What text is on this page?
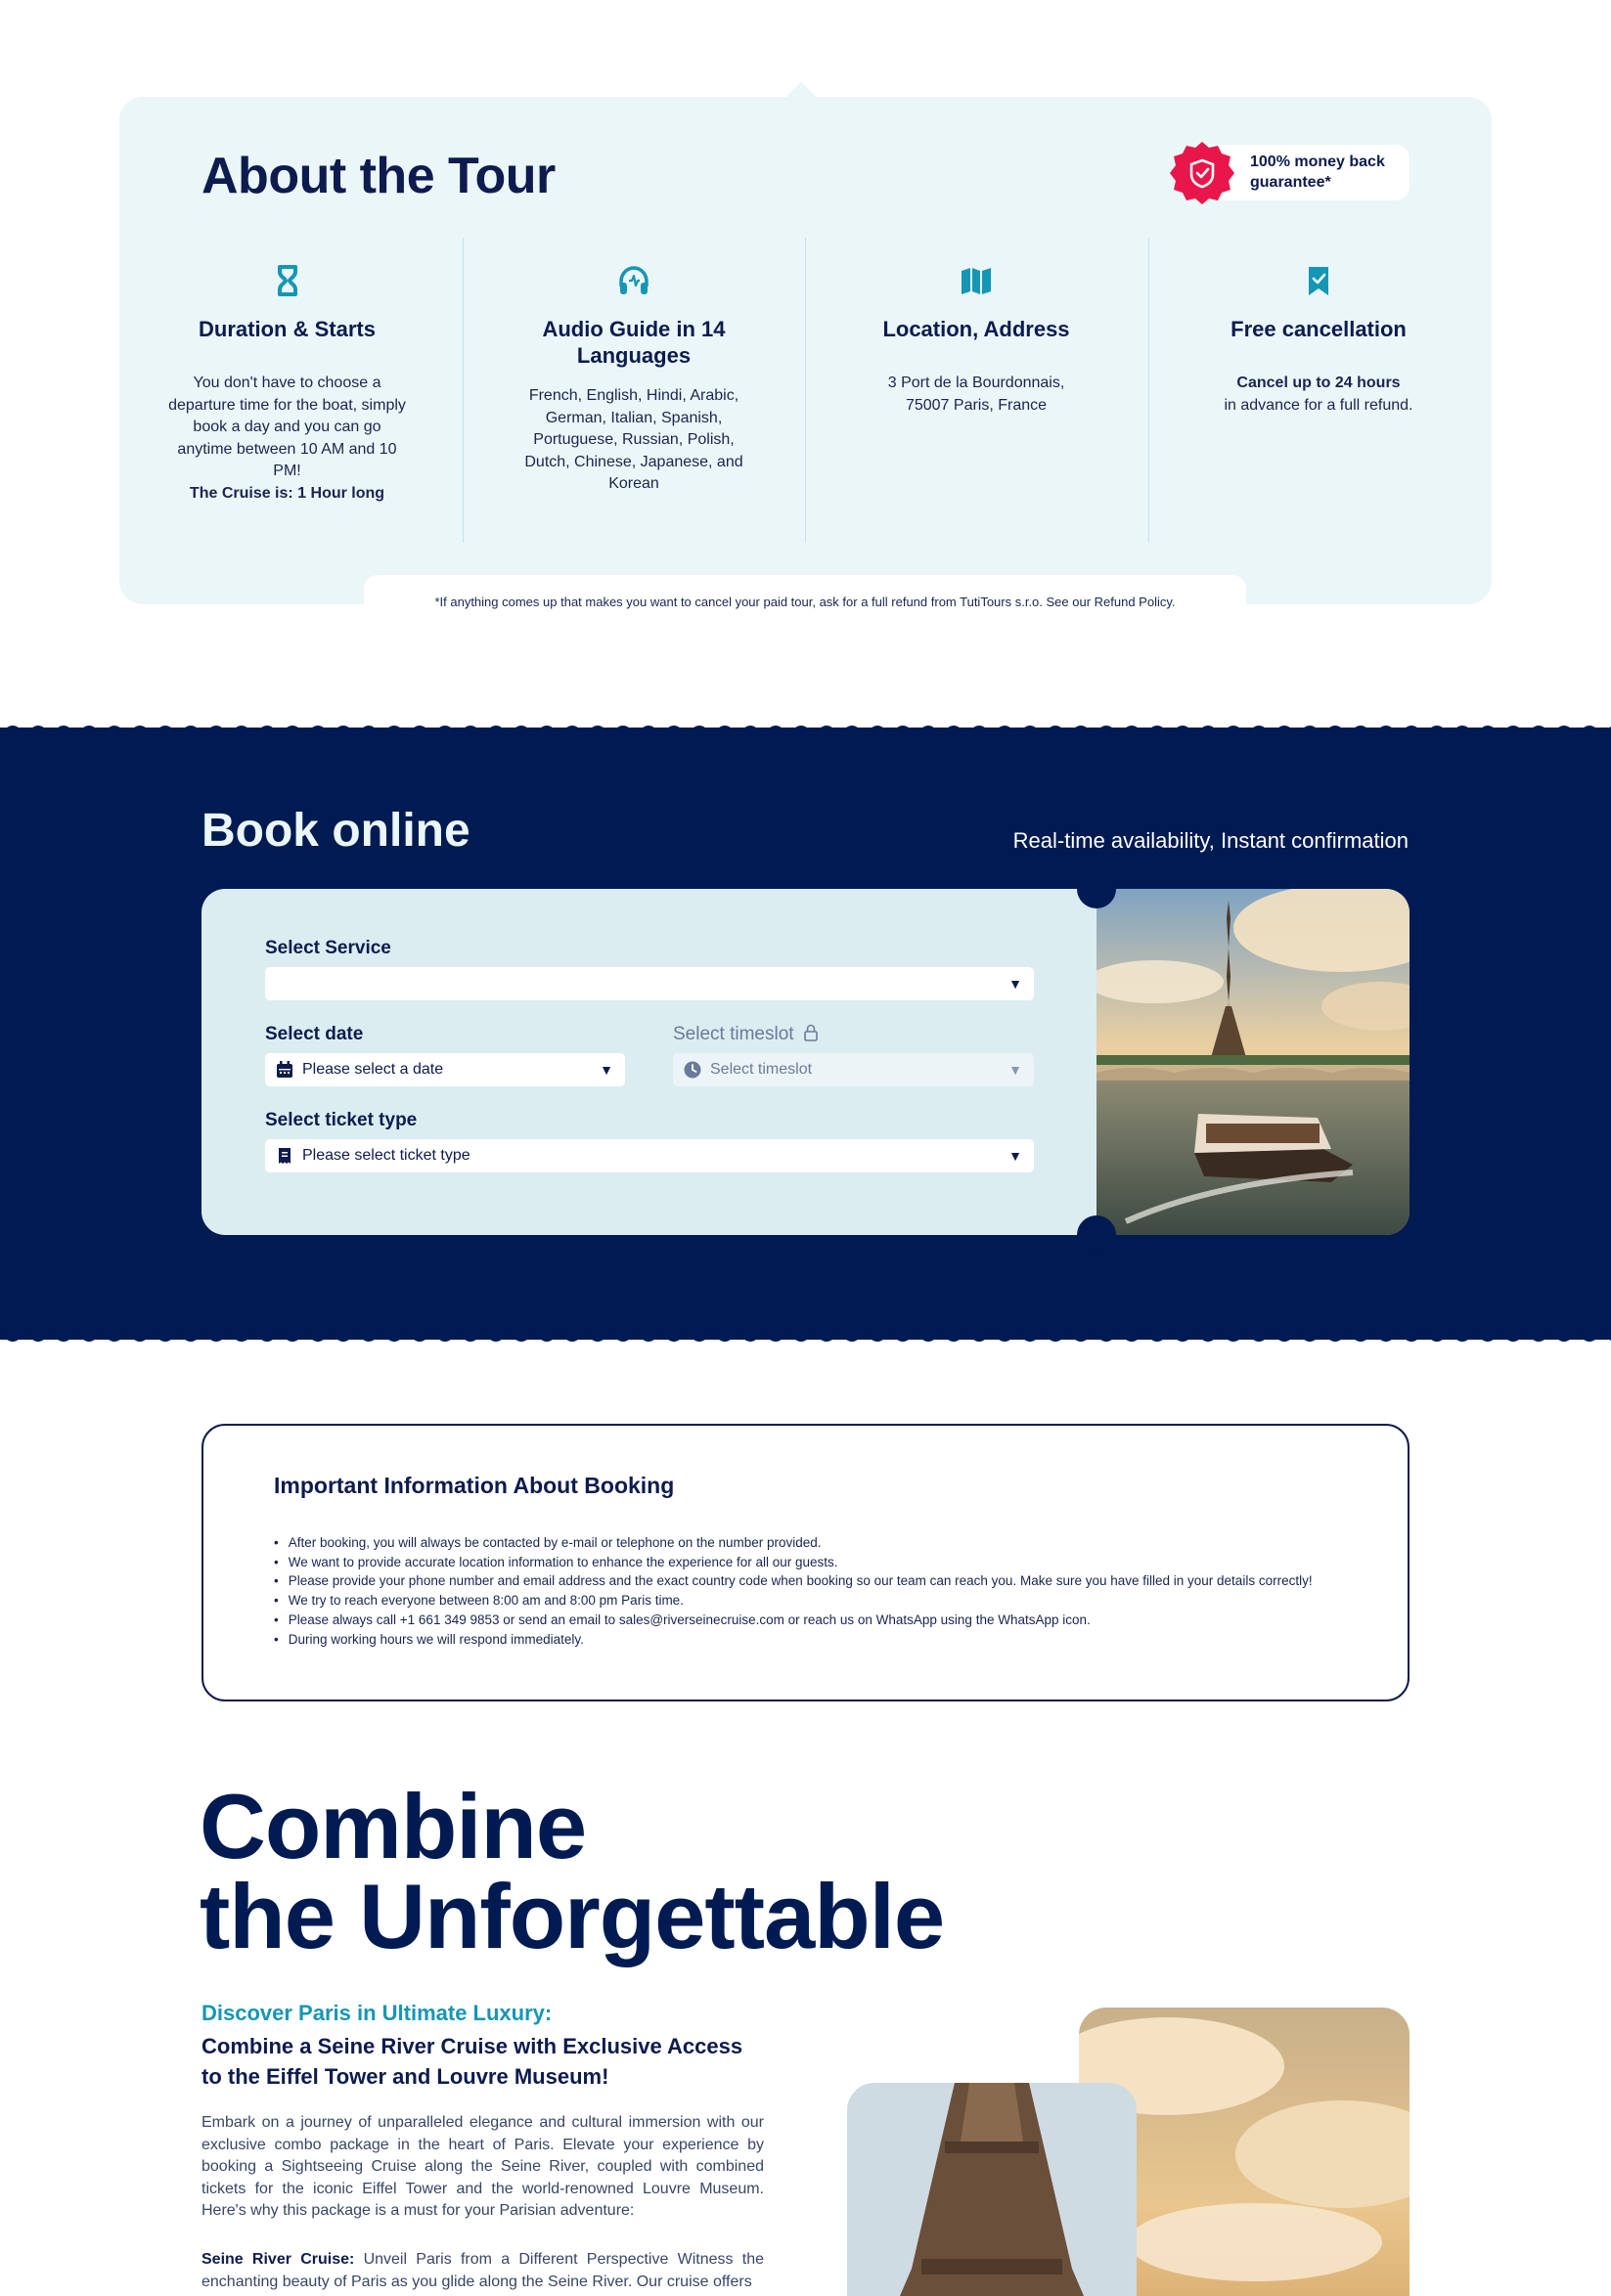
About the Tour	100% money back guarantee*
Duration & Starts

You don't have to choose a departure time for the boat, simply book a day and you can go anytime between 10 AM and 10 PM!

The Cruise is: 1 Hour long

Audio Guide in 14 Languages

French, English, Hindi, Arabic, German, Italian, Spanish, Portuguese, Russian, Polish, Dutch, Chinese, Japanese, and Korean

Location, Address

3 Port de la Bourdonnais,

75007 Paris, France

Free cancellation

Cancel up to 24 hours

in advance for a full refund.

*If anything comes up that makes you want to cancel your paid tour, ask for a full refund from TutiTours s.r.o. See our Refund Policy.
Book online	Real-time availability, Instant confirmation
Select Service
▼
Select date
Please select a date	▼
Select timeslot
Select timeslot	▼
Select ticket type
Please select ticket type	▼
Important Information About Booking
• After booking, you will always be contacted by e-mail or telephone on the number provided.
• We want to provide accurate location information to enhance the experience for all our guests.
• Please provide your phone number and email address and the exact country code when booking so our team can reach you. Make sure you have filled in your details correctly!
• We try to reach everyone between 8:00 am and 8:00 pm Paris time.
• Please always call +1 661 349 9853 or send an email to sales@riverseinecruise.com or reach us on WhatsApp using the WhatsApp icon.
• During working hours we will respond immediately.
Combine
the Unforgettable
Discover Paris in Ultimate Luxury:
Combine a Seine River Cruise with Exclusive Access to the Eiffel Tower and Louvre Museum!

Embark on a journey of unparalleled elegance and cultural immersion with our exclusive combo package in the heart of Paris. Elevate your experience by booking a Sightseeing Cruise along the Seine River, coupled with combined tickets for the iconic Eiffel Tower and the world-renowned Louvre Museum. Here's why this package is a must for your Parisian adventure:

Seine River Cruise: Unveil Paris from a Different Perspective Witness the enchanting beauty of Paris as you glide along the Seine River. Our cruise offers
